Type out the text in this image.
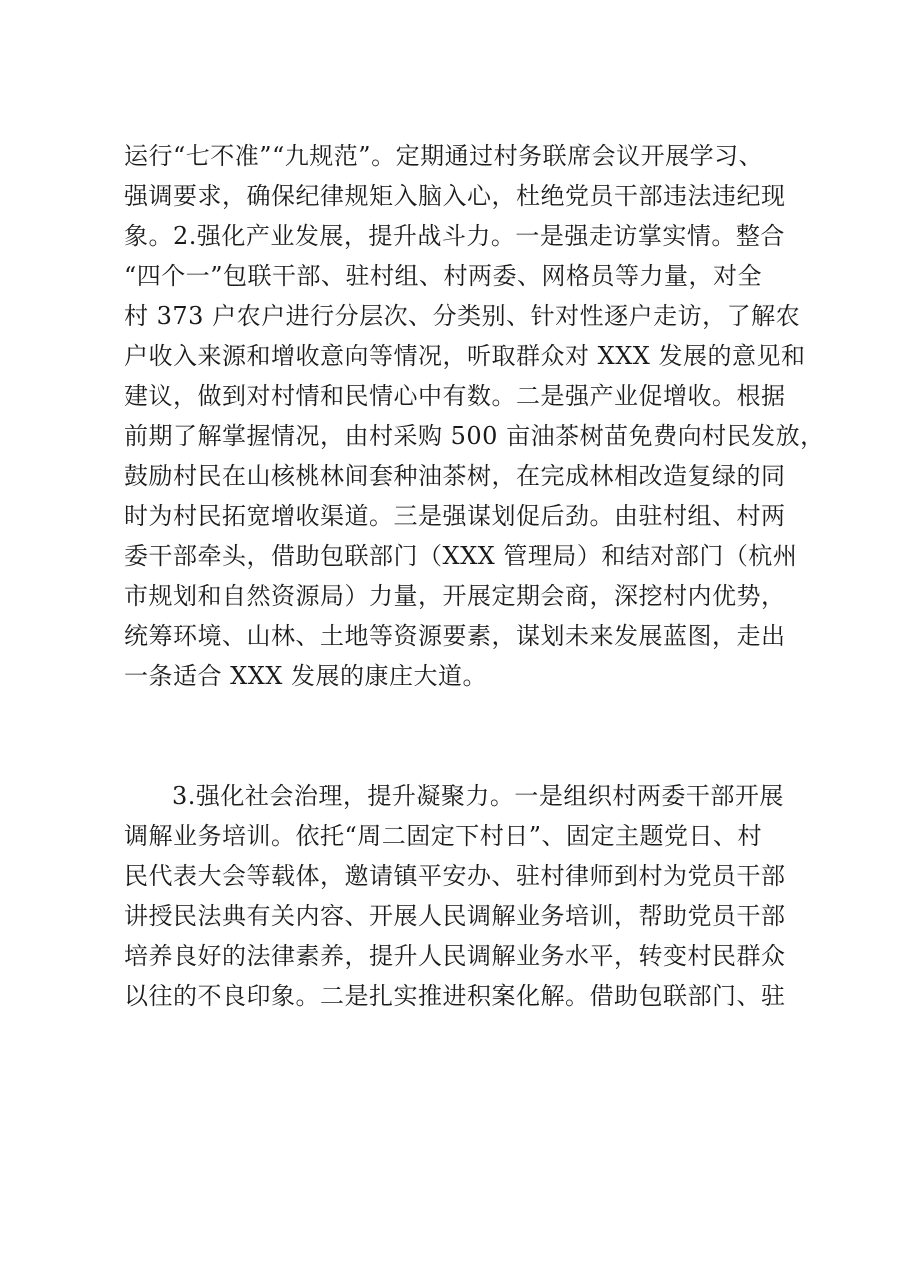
运行“七不准”“九规范”。定期通过村务联席会议开展学习、
强调要求，确保纪律规矩入脑入心，杜绝党员干部违法违纪现
象。2.强化产业发展，提升战斗力。一是强走访掌实情。整合
“四个一”包联干部、驻村组、村两委、网格员等力量，对全
村 373 户农户进行分层次、分类别、针对性逐户走访，了解农
户收入来源和增收意向等情况，听取群众对 XXX 发展的意见和
建议，做到对村情和民情心中有数。二是强产业促增收。根据
前期了解掌握情况，由村采购 500 亩油茶树苗免费向村民发放，
鼓励村民在山核桃林间套种油茶树，在完成林相改造复绿的同
时为村民拓宽增收渠道。三是强谋划促后劲。由驻村组、村两
委干部牵头，借助包联部门（XXX 管理局）和结对部门（杭州
市规划和自然资源局）力量，开展定期会商，深挖村内优势，
统筹环境、山林、土地等资源要素，谋划未来发展蓝图，走出
一条适合 XXX 发展的康庄大道。
3.强化社会治理，提升凝聚力。一是组织村两委干部开展
调解业务培训。依托“周二固定下村日”、固定主题党日、村
民代表大会等载体，邀请镇平安办、驻村律师到村为党员干部
讲授民法典有关内容、开展人民调解业务培训，帮助党员干部
培养良好的法律素养，提升人民调解业务水平，转变村民群众
以往的不良印象。二是扎实推进积案化解。借助包联部门、驻
